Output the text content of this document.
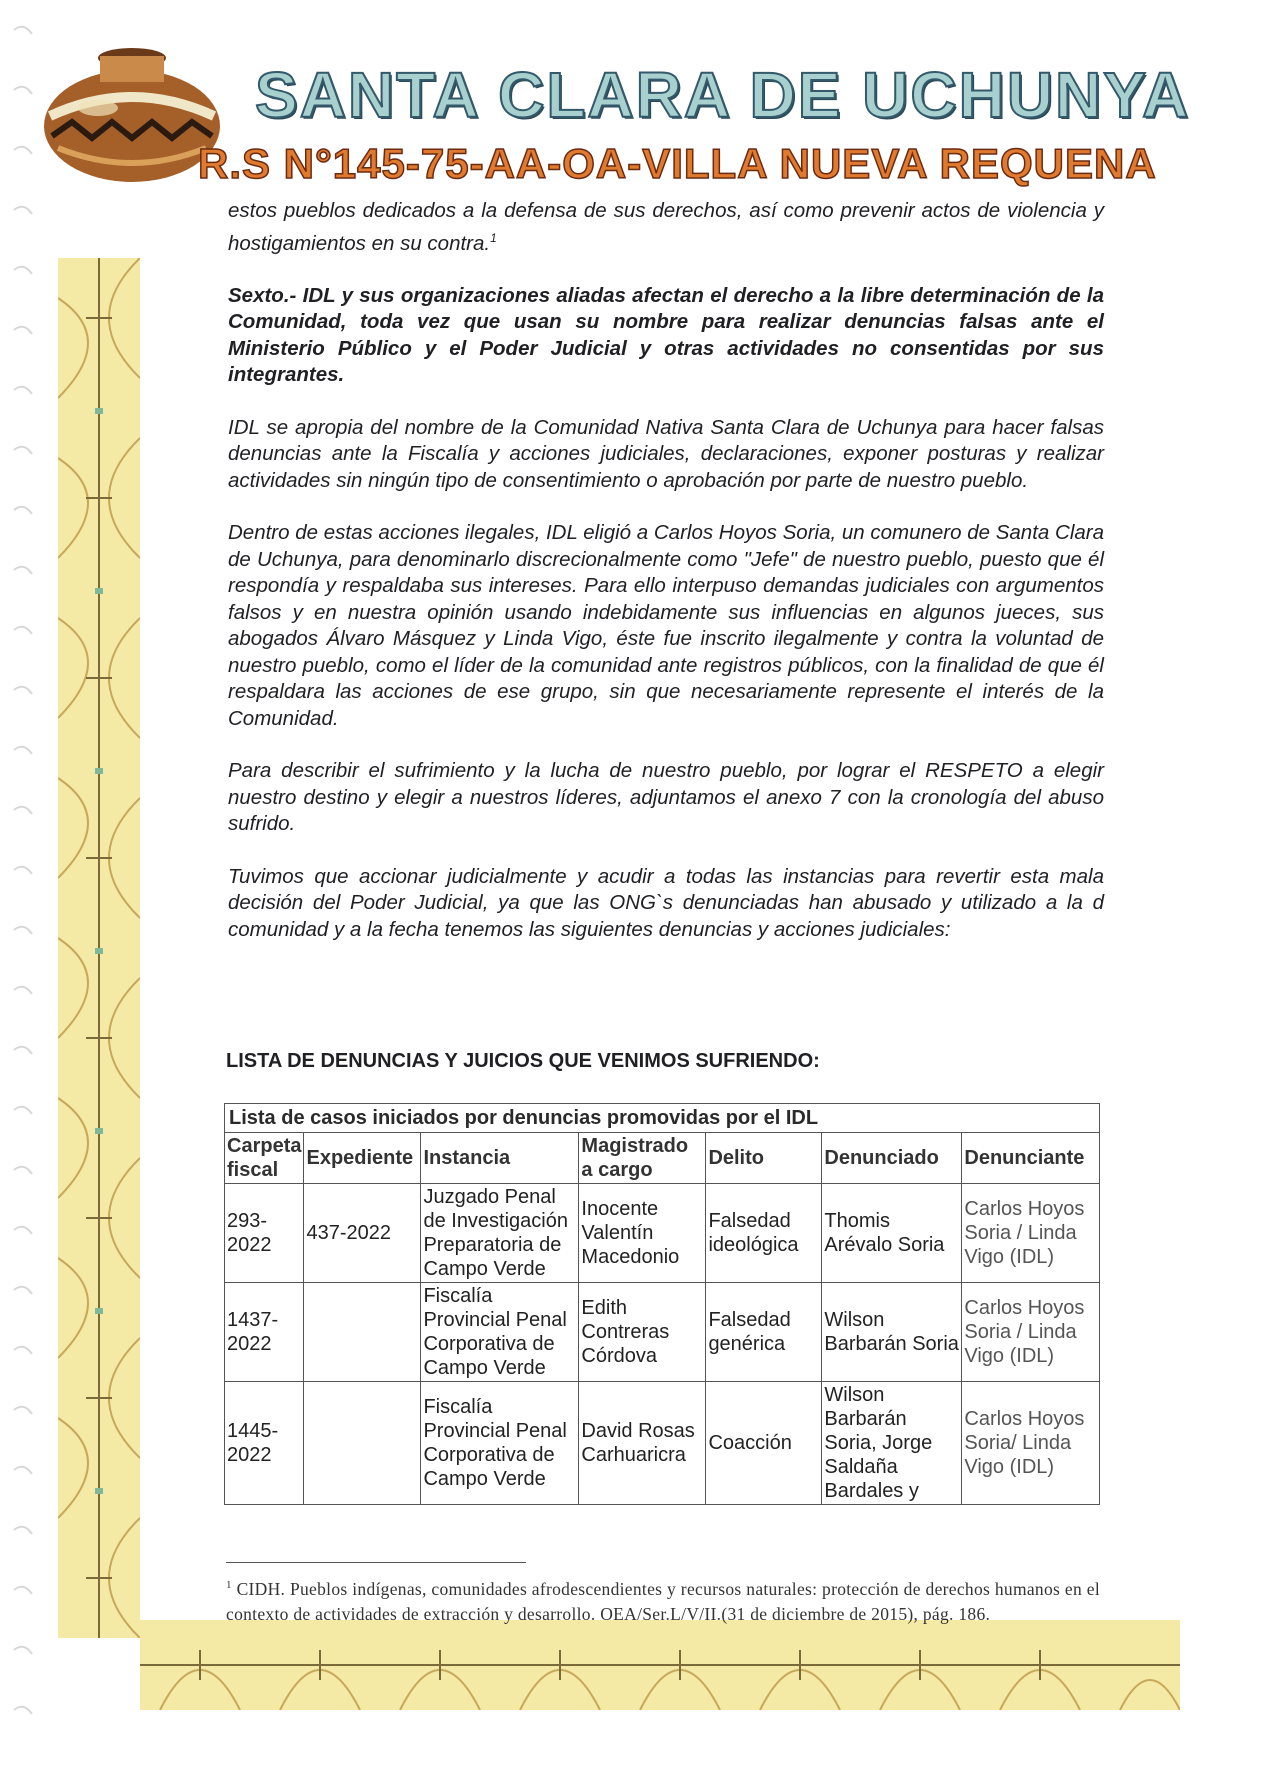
SANTA CLARA DE UCHUNYA
R.S N°145-75-AA-OA-VILLA NUEVA REQUENA

estos pueblos dedicados a la defensa de sus derechos, así como prevenir actos de violencia y hostigamientos en su contra.$^1$

Sexto.- IDL y sus organizaciones aliadas afectan el derecho a la libre determinación de la Comunidad, toda vez que usan su nombre para realizar denuncias falsas ante el Ministerio Público y el Poder Judicial y otras actividades no consentidas por sus integrantes.

IDL se apropia del nombre de la Comunidad Nativa Santa Clara de Uchunya para hacer falsas denuncias ante la Fiscalía y acciones judiciales, declaraciones, exponer posturas y realizar actividades sin ningún tipo de consentimiento o aprobación por parte de nuestro pueblo.

Dentro de estas acciones ilegales, IDL eligió a Carlos Hoyos Soria, un comunero de Santa Clara de Uchunya, para denominarlo discrecionalmente como "Jefe" de nuestro pueblo, puesto que él respondía y respaldaba sus intereses. Para ello interpuso demandas judiciales con argumentos falsos y en nuestra opinión usando indebidamente sus influencias en algunos jueces, sus abogados Álvaro Másquez y Linda Vigo, éste fue inscrito ilegalmente y contra la voluntad de nuestro pueblo, como el líder de la comunidad ante registros públicos, con la finalidad de que él respaldara las acciones de ese grupo, sin que necesariamente represente el interés de la Comunidad.

Para describir el sufrimiento y la lucha de nuestro pueblo, por lograr el RESPETO a elegir nuestro destino y elegir a nuestros líderes, adjuntamos el anexo 7 con la cronología del abuso sufrido.

Tuvimos que accionar judicialmente y acudir a todas las instancias para revertir esta mala decisión del Poder Judicial, ya que las ONG`s denunciadas han abusado y utilizado a la d comunidad y a la fecha tenemos las siguientes denuncias y acciones judiciales:

LISTA DE DENUNCIAS Y JUICIOS QUE VENIMOS SUFRIENDO:
Lista de casos iniciados por denuncias promovidas por el IDL						
Carpeta fiscal	Expediente	Instancia	Magistrado a cargo	Delito	Denunciado	Denunciante
293-2022	437-2022	Juzgado Penal de Investigación Preparatoria de Campo Verde	Inocente Valentín Macedonio	Falsedad ideológica	Thomis Arévalo Soria	Carlos Hoyos Soria / Linda Vigo (IDL)
1437-2022		Fiscalía Provincial Penal Corporativa de Campo Verde	Edith Contreras Córdova	Falsedad genérica	Wilson Barbarán Soria	Carlos Hoyos Soria / Linda Vigo (IDL)
1445-2022		Fiscalía Provincial Penal Corporativa de Campo Verde	David Rosas Carhuaricra	Coacción	Wilson Barbarán Soria, Jorge Saldaña Bardales y	Carlos Hoyos Soria/ Linda Vigo (IDL)
$^1$ CIDH. Pueblos indígenas, comunidades afrodescendientes y recursos naturales: protección de derechos humanos en el contexto de actividades de extracción y desarrollo. OEA/Ser.L/V/II.(31 de diciembre de 2015), pág. 186.
